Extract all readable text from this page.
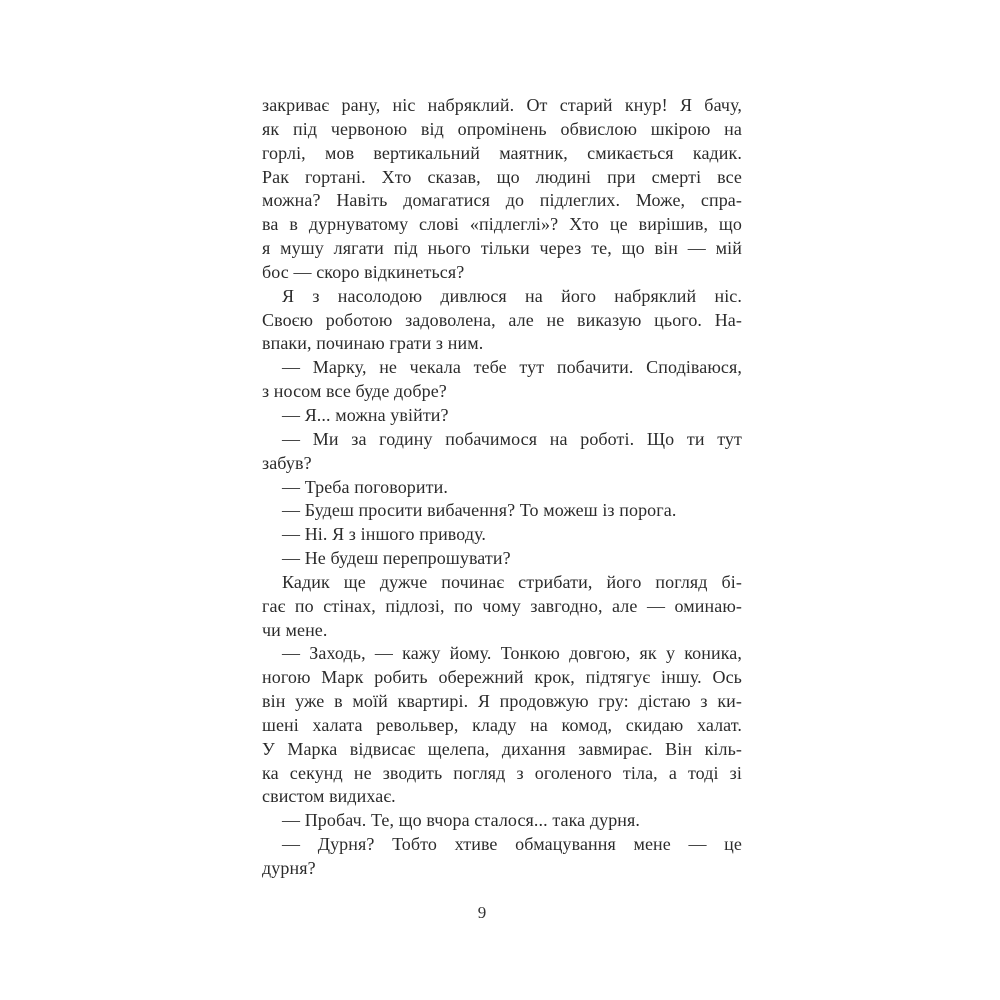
закриває рану, ніс набряклий. От старий кнур! Я бачу,
як під червоною від опромінень обвислою шкірою на
горлі, мов вертикальний маятник, смикається кадик.
Рак гортані. Хто сказав, що людині при смерті все
можна? Навіть домагатися до підлеглих. Може, спра-
ва в дурнуватому слові «підлеглі»? Хто це вирішив, що
я мушу лягати під нього тільки через те, що він — мій
бос — скоро відкинеться?
Я з насолодою дивлюся на його набряклий ніс.
Своєю роботою задоволена, але не виказую цього. На-
впаки, починаю грати з ним.
— Марку, не чекала тебе тут побачити. Сподіваюся,
з носом все буде добре?
— Я... можна увійти?
— Ми за годину побачимося на роботі. Що ти тут
забув?
— Треба поговорити.
— Будеш просити вибачення? То можеш із порога.
— Ні. Я з іншого приводу.
— Не будеш перепрошувати?
Кадик ще дужче починає стрибати, його погляд бі-
гає по стінах, підлозі, по чому завгодно, але — оминаю-
чи мене.
— Заходь, — кажу йому. Тонкою довгою, як у коника,
ногою Марк робить обережний крок, підтягує іншу. Ось
він уже в моїй квартирі. Я продовжую гру: дістаю з ки-
шені халата револьвер, кладу на комод, скидаю халат.
У Марка відвисає щелепа, дихання завмирає. Він кіль-
ка секунд не зводить погляд з оголеного тіла, а тоді зі
свистом видихає.
— Пробач. Те, що вчора сталося... така дурня.
— Дурня? Тобто хтиве обмацування мене — це
дурня?
9
